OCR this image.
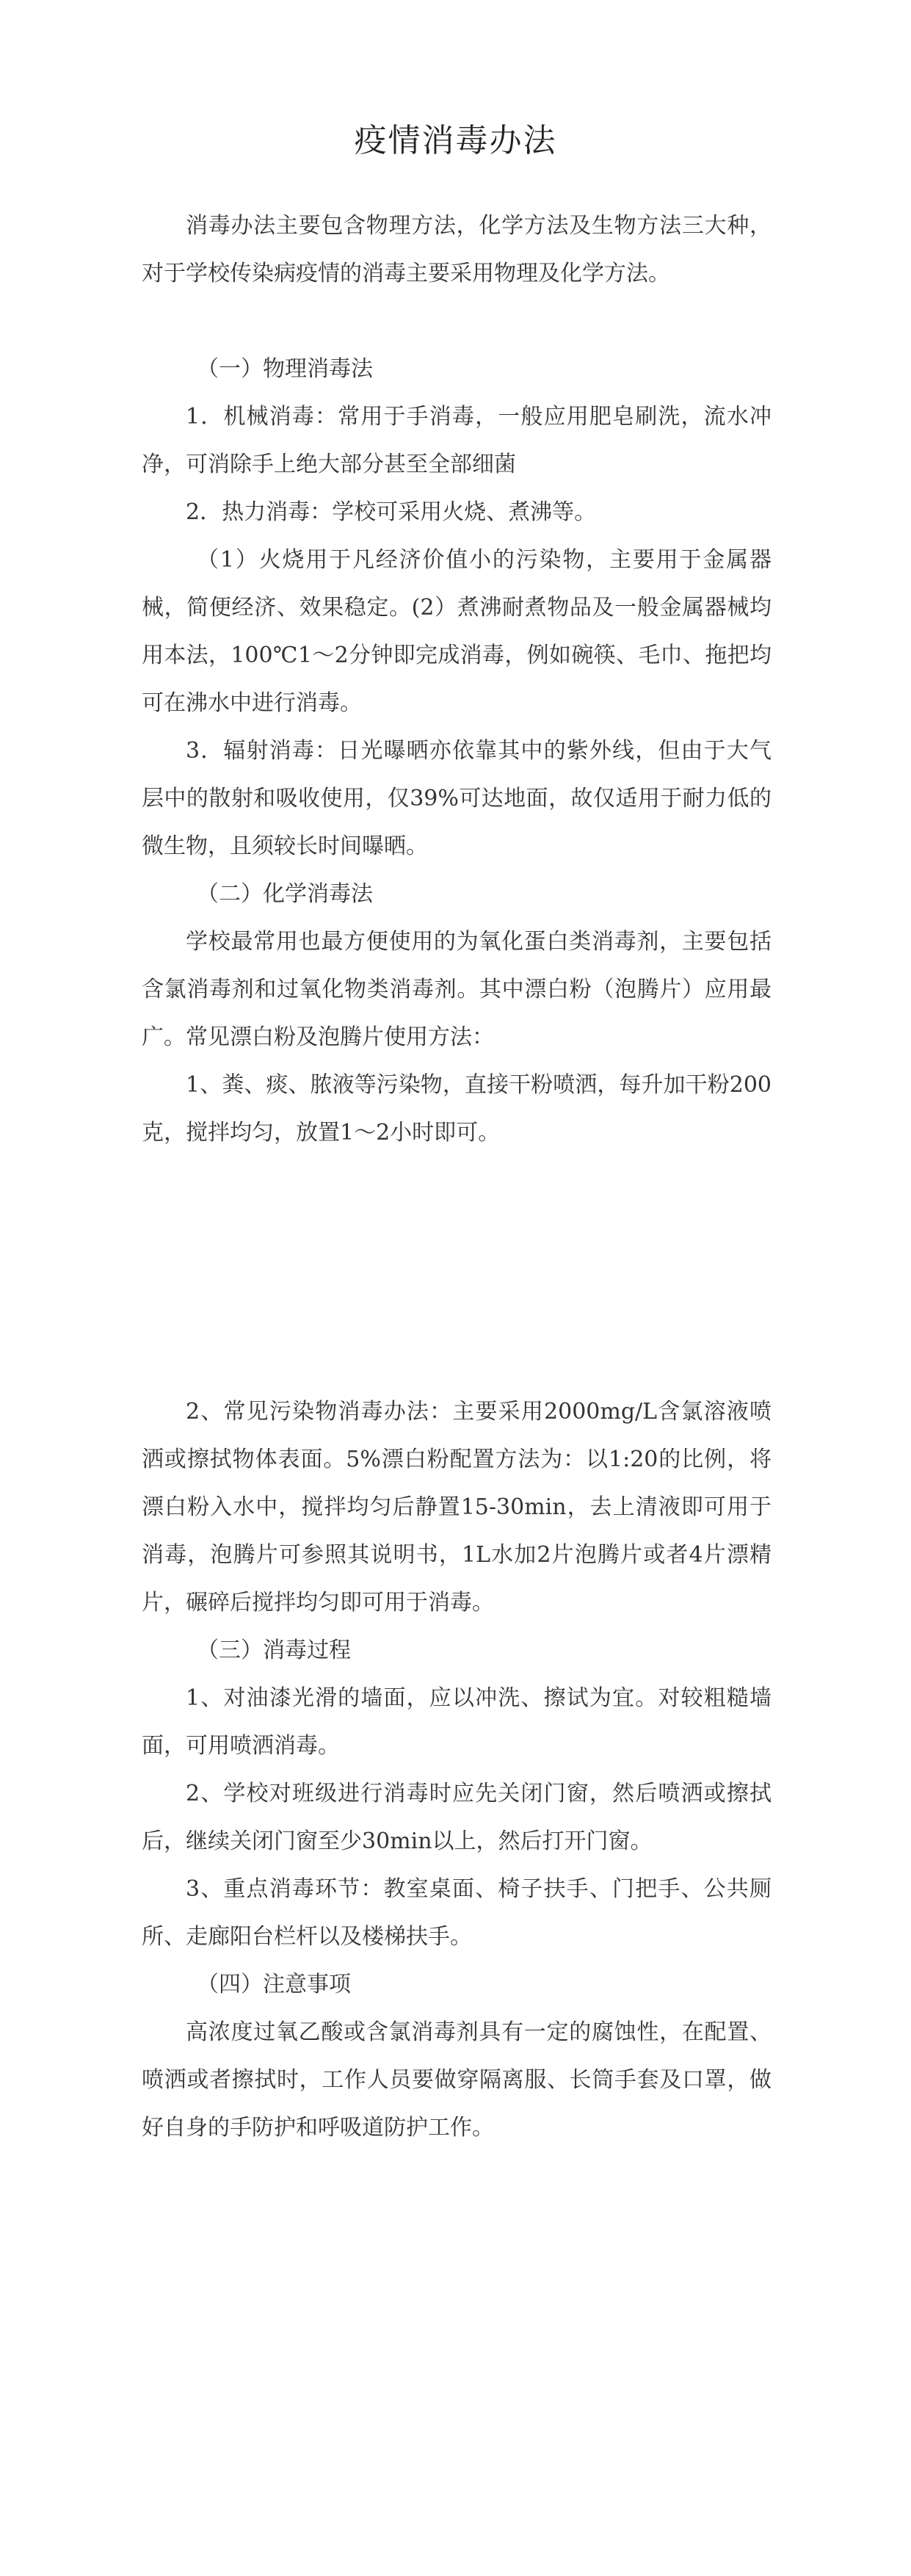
疫情消毒办法
消毒办法主要包含物理方法，化学方法及生物方法三大种，对于学校传染病疫情的消毒主要采用物理及化学方法。
（一）物理消毒法
1．机械消毒：常用于手消毒，一般应用肥皂刷洗，流水冲净，可消除手上绝大部分甚至全部细菌
2．热力消毒：学校可采用火烧、煮沸等。
（1）火烧用于凡经济价值小的污染物，主要用于金属器械，简便经济、效果稳定。(2）煮沸耐煮物品及一般金属器械均用本法，100℃1～2分钟即完成消毒，例如碗筷、毛巾、拖把均可在沸水中进行消毒。
3．辐射消毒：日光曝晒亦依靠其中的紫外线，但由于大气层中的散射和吸收使用，仅39%可达地面，故仅适用于耐力低的微生物，且须较长时间曝晒。
（二）化学消毒法
学校最常用也最方便使用的为氧化蛋白类消毒剂，主要包括含氯消毒剂和过氧化物类消毒剂。其中漂白粉（泡腾片）应用最广。常见漂白粉及泡腾片使用方法：
1、粪、痰、脓液等污染物，直接干粉喷洒，每升加干粉200克，搅拌均匀，放置1～2小时即可。
2、常见污染物消毒办法：主要采用2000mg/L含氯溶液喷洒或擦拭物体表面。5%漂白粉配置方法为：以1:20的比例，将漂白粉入水中，搅拌均匀后静置15-30min，去上清液即可用于消毒，泡腾片可参照其说明书，1L水加2片泡腾片或者4片漂精片，碾碎后搅拌均匀即可用于消毒。
（三）消毒过程
1、对油漆光滑的墙面，应以冲洗、擦试为宜。对较粗糙墙面，可用喷洒消毒。
2、学校对班级进行消毒时应先关闭门窗，然后喷洒或擦拭后，继续关闭门窗至少30min以上，然后打开门窗。
3、重点消毒环节：教室桌面、椅子扶手、门把手、公共厕所、走廊阳台栏杆以及楼梯扶手。
（四）注意事项
高浓度过氧乙酸或含氯消毒剂具有一定的腐蚀性，在配置、喷洒或者擦拭时，工作人员要做穿隔离服、长筒手套及口罩，做好自身的手防护和呼吸道防护工作。
